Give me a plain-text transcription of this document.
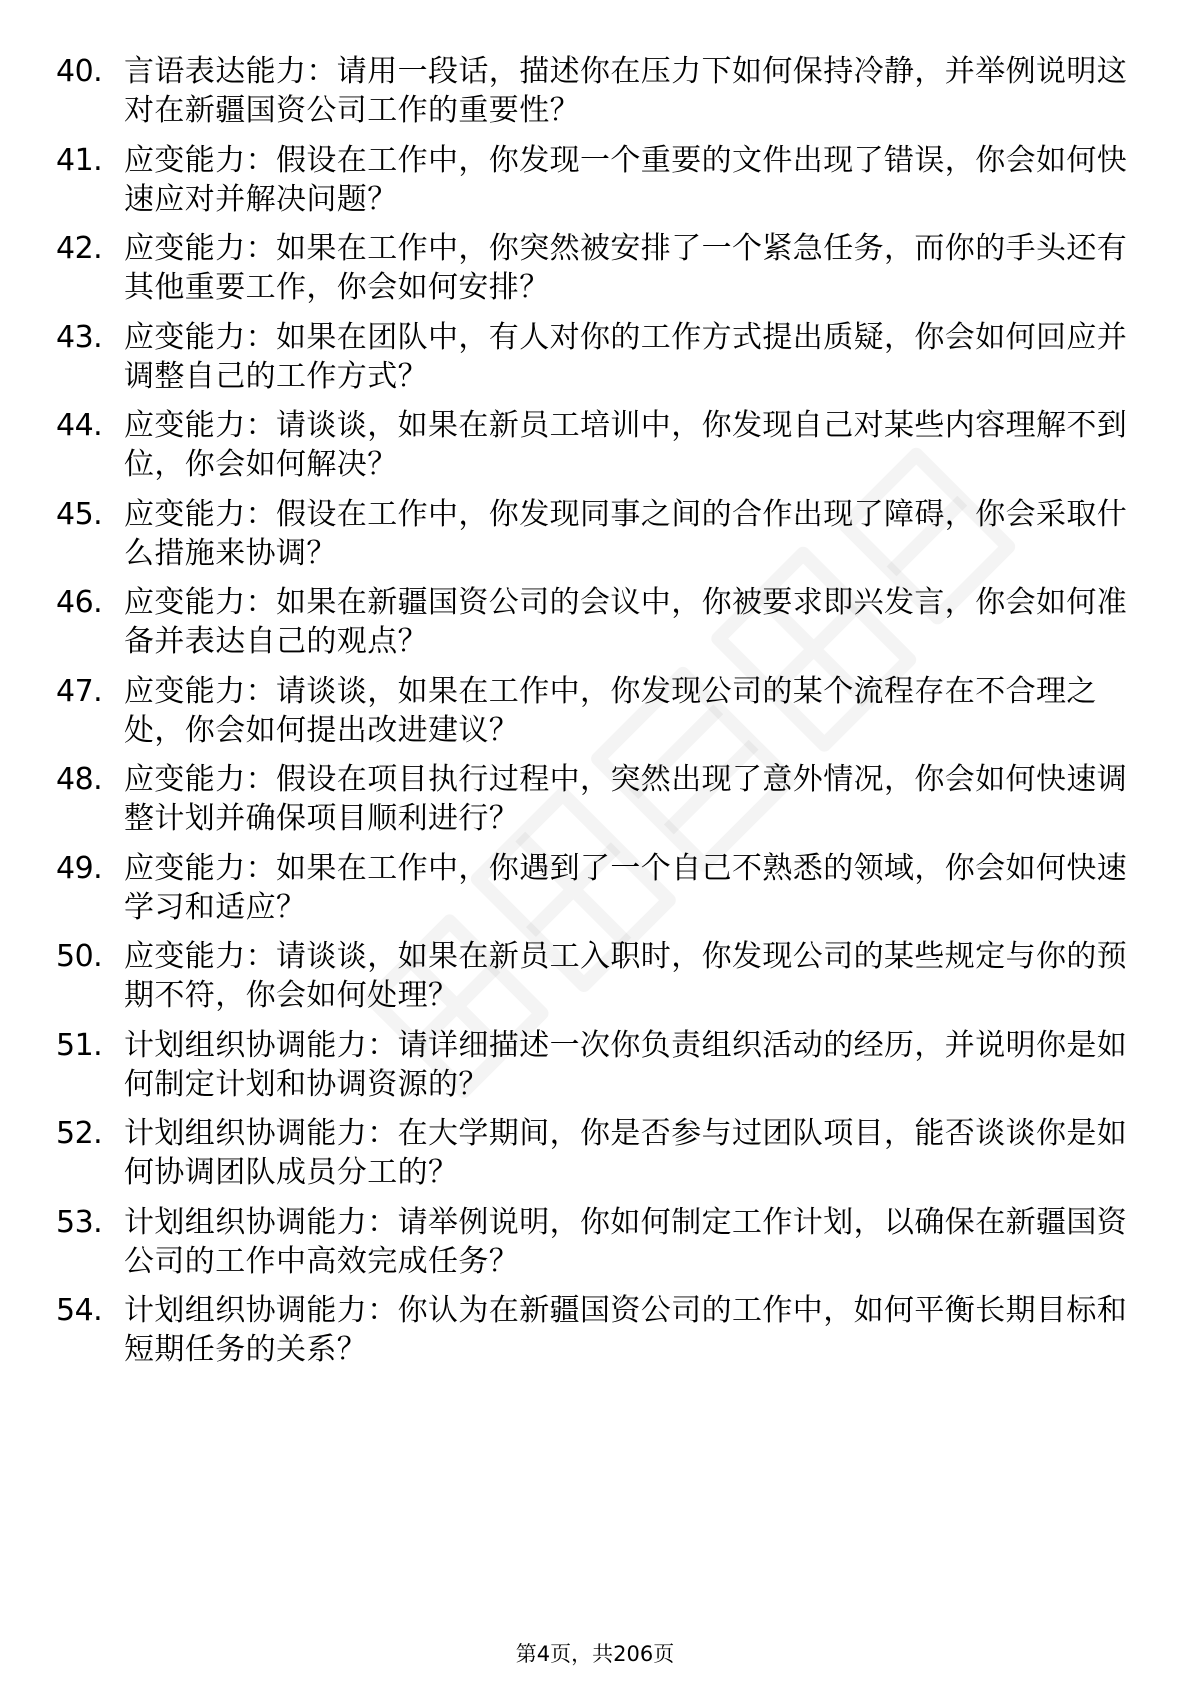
40. 言语表达能力：请用一段话，描述你在压力下如何保持冷静，并举例说明这对在新疆国资公司工作的重要性？
41. 应变能力：假设在工作中，你发现一个重要的文件出现了错误，你会如何快速应对并解决问题？
42. 应变能力：如果在工作中，你突然被安排了一个紧急任务，而你的手头还有其他重要工作，你会如何安排？
43. 应变能力：如果在团队中，有人对你的工作方式提出质疑，你会如何回应并调整自己的工作方式？
44. 应变能力：请谈谈，如果在新员工培训中，你发现自己对某些内容理解不到位，你会如何解决？
45. 应变能力：假设在工作中，你发现同事之间的合作出现了障碍，你会采取什么措施来协调？
46. 应变能力：如果在新疆国资公司的会议中，你被要求即兴发言，你会如何准备并表达自己的观点？
47. 应变能力：请谈谈，如果在工作中，你发现公司的某个流程存在不合理之处，你会如何提出改进建议？
48. 应变能力：假设在项目执行过程中，突然出现了意外情况，你会如何快速调整计划并确保项目顺利进行？
49. 应变能力：如果在工作中，你遇到了一个自己不熟悉的领域，你会如何快速学习和适应？
50. 应变能力：请谈谈，如果在新员工入职时，你发现公司的某些规定与你的预期不符，你会如何处理？
51. 计划组织协调能力：请详细描述一次你负责组织活动的经历，并说明你是如何制定计划和协调资源的？
52. 计划组织协调能力：在大学期间，你是否参与过团队项目，能否谈谈你是如何协调团队成员分工的？
53. 计划组织协调能力：请举例说明，你如何制定工作计划，以确保在新疆国资公司的工作中高效完成任务？
54. 计划组织协调能力：你认为在新疆国资公司的工作中，如何平衡长期目标和短期任务的关系？
第4页，共206页
